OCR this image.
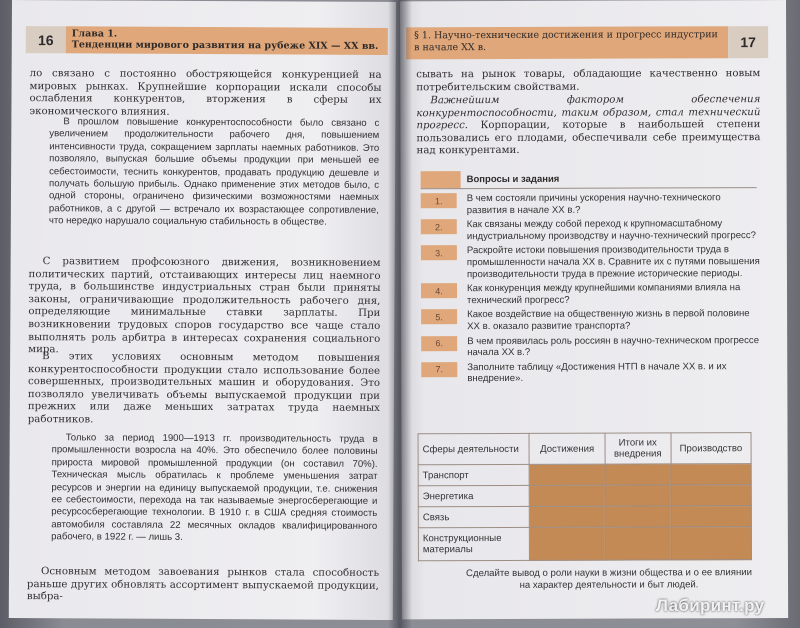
16	Глава 1.
Тенденции мирового развития на рубеже XIX — XX вв.

ло связано с постоянно обостряющейся конкуренцией на мировых рынках. Крупнейшие корпорации искали способы ослабления конкурентов, вторжения в сферы их экономического влияния.

В прошлом повышение конкурентоспособности было связано с увеличением продолжительности рабочего дня, повышением интенсивности труда, сокращением зарплаты наемных работников. Это позволяло, выпуская большие объемы продукции при меньшей ее себестоимости, теснить конкурентов, продавать продукцию дешевле и получать большую прибыль. Однако применение этих методов было, с одной стороны, ограничено физическими возможностями наемных работников, а с другой — встречало их возрастающее сопротивление, что нередко нарушало социальную стабильность в обществе.

С развитием профсоюзного движения, возникновением политических партий, отстаивающих интересы лиц наемного труда, в большинстве индустриальных стран были приняты законы, ограничивающие продолжительность рабочего дня, определяющие минимальные ставки зарплаты. При возникновении трудовых споров государство все чаще стало выполнять роль арбитра в интересах сохранения социального мира.

В этих условиях основным методом повышения конкурентоспособности продукции стало использование более совершенных, производительных машин и оборудования. Это позволяло увеличивать объемы выпускаемой продукции при прежних или даже меньших затратах труда наемных работников.

Только за период 1900—1913 гг. производительность труда в промышленности возросла на 40%. Это обеспечило более половины прироста мировой промышленной продукции (он составил 70%). Техническая мысль обратилась к проблеме уменьшения затрат ресурсов и энергии на единицу выпускаемой продукции, т.е. снижения ее себестоимости, перехода на так называемые энергосберегающие и ресурсосберегающие технологии. В 1910 г. в США средняя стоимость автомобиля составляла 22 месячных окладов квалифицированного рабочего, в 1922 г. — лишь 3.

Основным методом завоевания рынков стала способность раньше других обновлять ассортимент выпускаемой продукции, выбра-

§ 1. Научно-технические достижения и прогресс индустрии в начале XX в.	17

сывать на рынок товары, обладающие качественно новым потребительским свойствами.

Важнейшим фактором обеспечения конкурентоспособности, таким образом, стал технический прогресс. Корпорации, которые в наибольшей степени пользовались его плодами, обеспечивали себе преимущества над конкурентами.

Вопросы и задания
1.	В чем состояли причины ускорения научно-технического развития в начале XX в.?
2.	Как связаны между собой переход к крупномасштабному индустриальному производству и научно-технический прогресс?
3.	Раскройте истоки повышения производительности труда в промышленности начала XX в. Сравните их с путями повышения производительности труда в прежние исторические периоды.
4.	Как конкуренция между крупнейшими компаниями влияла на технический прогресс?
5.	Какое воздействие на общественную жизнь в первой половине XX в. оказало развитие транспорта?
6.	В чем проявилась роль россиян в научно-техническом прогрессе начала XX в.?
7.	Заполните таблицу «Достижения НТП в начале XX в. и их внедрение».
Сферы деятельности	Достижения	Итоги их внедрения	Производство
Транспорт			
Энергетика			
Связь			
Конструкционные материалы			
Сделайте вывод о роли науки в жизни общества и о ее влиянии на характер деятельности и быт людей.
Лабиринт.ру
